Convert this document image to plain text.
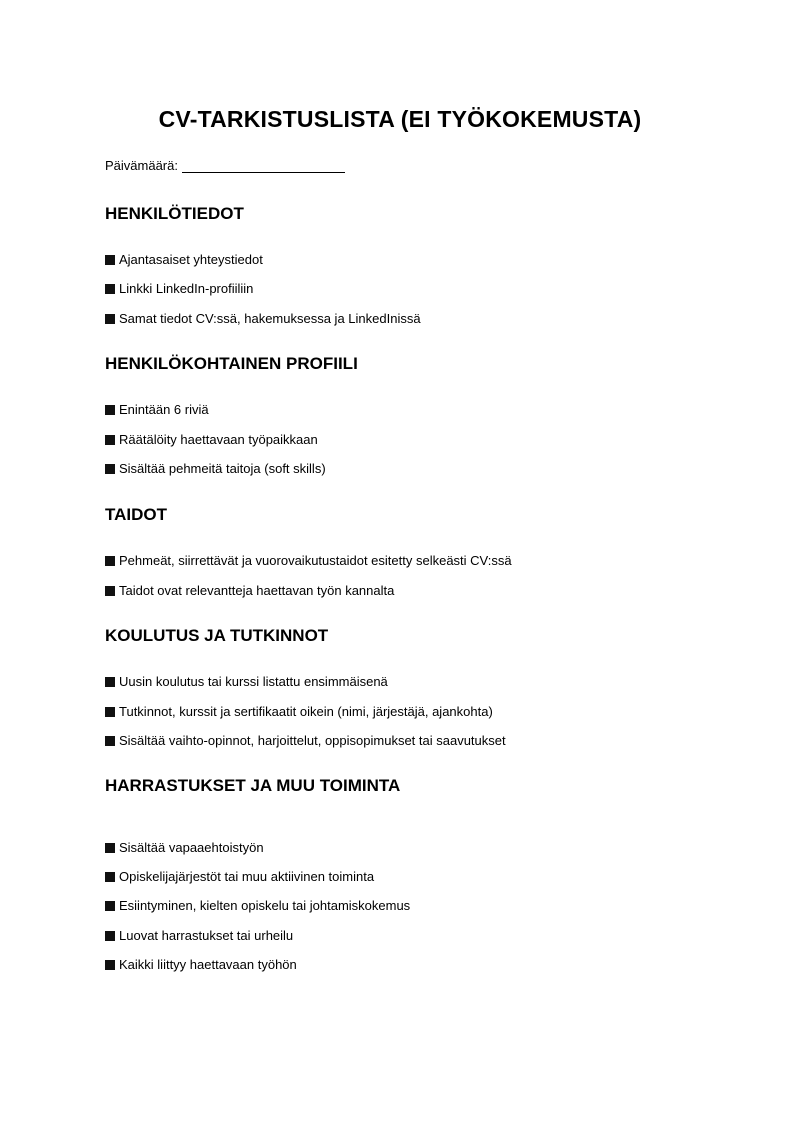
CV-TARKISTUSLISTA (EI TYÖKOKEMUSTA)
Päivämäärä:
HENKILÖTIEDOT
Ajantasaiset yhteystiedot
Linkki LinkedIn-profiiliin
Samat tiedot CV:ssä, hakemuksessa ja LinkedInissä
HENKILÖKOHTAINEN PROFIILI
Enintään 6 riviä
Räätälöity haettavaan työpaikkaan
Sisältää pehmeitä taitoja (soft skills)
TAIDOT
Pehmeät, siirrettävät ja vuorovaikutustaidot esitetty selkeästi CV:ssä
Taidot ovat relevantteja haettavan työn kannalta
KOULUTUS JA TUTKINNOT
Uusin koulutus tai kurssi listattu ensimmäisenä
Tutkinnot, kurssit ja sertifikaatit oikein (nimi, järjestäjä, ajankohta)
Sisältää vaihto-opinnot, harjoittelut, oppisopimukset tai saavutukset
HARRASTUKSET JA MUU TOIMINTA
Sisältää vapaaehtoistyön
Opiskelijajärjestöt tai muu aktiivinen toiminta
Esiintyminen, kielten opiskelu tai johtamiskokemus
Luovat harrastukset tai urheilu
Kaikki liittyy haettavaan työhön
